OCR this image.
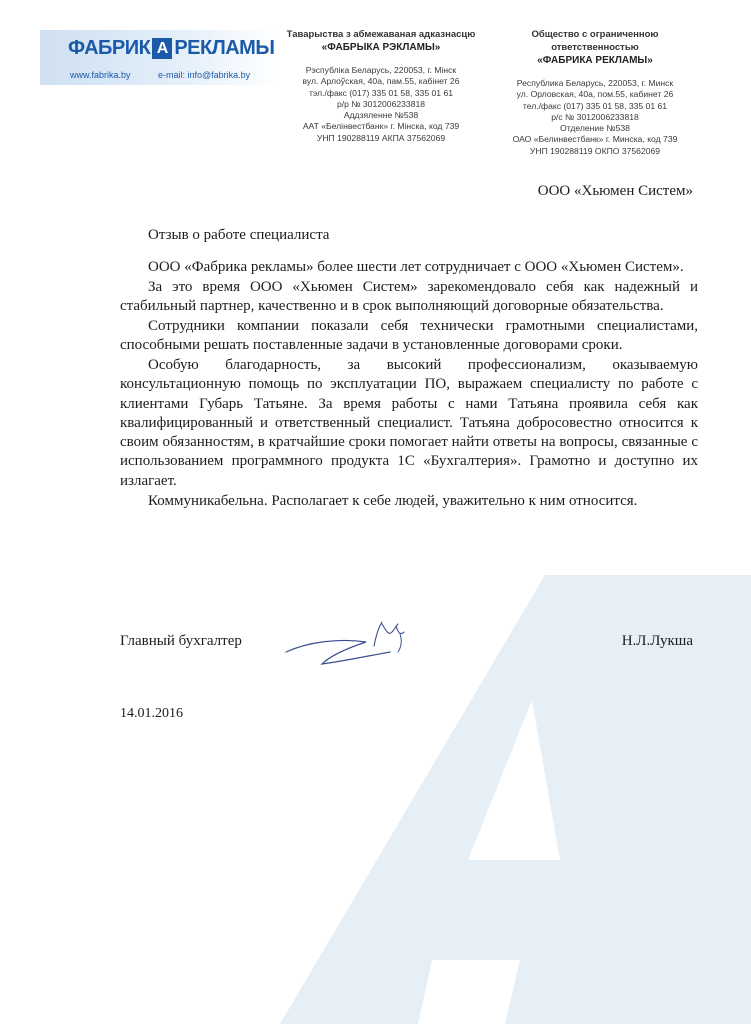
ФАБРИК А РЕКЛАМЫ
www.fabrika.by	e-mail: info@fabrika.by
Таварыства з абмежаваная адказнасцю
«ФАБРЫКА РЭКЛАМЫ»
Рэспубліка Беларусь, 220053, г. Мінск
вул. Арлоўская, 40а, пам.55, кабінет 26
тэл./факс (017) 335 01 58, 335 01 61
р/р № 3012006233818
Аддзяленне №538
ААТ «Белінвестбанк» г. Мінска, код 739
УНП 190288119 АКПА 37562069
Общество с ограниченною ответственностью
«ФАБРИКА РЕКЛАМЫ»
Республика Беларусь, 220053, г. Минск
ул. Орловская, 40а, пом.55, кабинет 26
тел./факс (017) 335 01 58, 335 01 61
р/с № 3012006233818
Отделение №538
ОАО «Белинвестбанк» г. Минска, код 739
УНП 190288119 ОКПО 37562069
ООО «Хьюмен Систем»
Отзыв о работе специалиста

ООО «Фабрика рекламы» более шести лет сотрудничает с ООО «Хьюмен Систем».

За это время ООО «Хьюмен Систем» зарекомендовало себя как надежный и стабильный партнер, качественно и в срок выполняющий договорные обязательства.

Сотрудники компании показали себя технически грамотными специалистами, способными решать поставленные задачи в установленные договорами сроки.

Особую благодарность, за высокий профессионализм, оказываемую консультационную помощь по эксплуатации ПО, выражаем специалисту по работе с клиентами Губарь Татьяне. За время работы с нами Татьяна проявила себя как квалифицированный и ответственный специалист. Татьяна добросовестно относится к своим обязанностям, в кратчайшие сроки помогает найти ответы на вопросы, связанные с использованием программного продукта 1С «Бухгалтерия». Грамотно и доступно их излагает.

Коммуникабельна. Располагает к себе людей, уважительно к ним относится.

Главный бухгалтер	Н.Л.Лукша
14.01.2016
